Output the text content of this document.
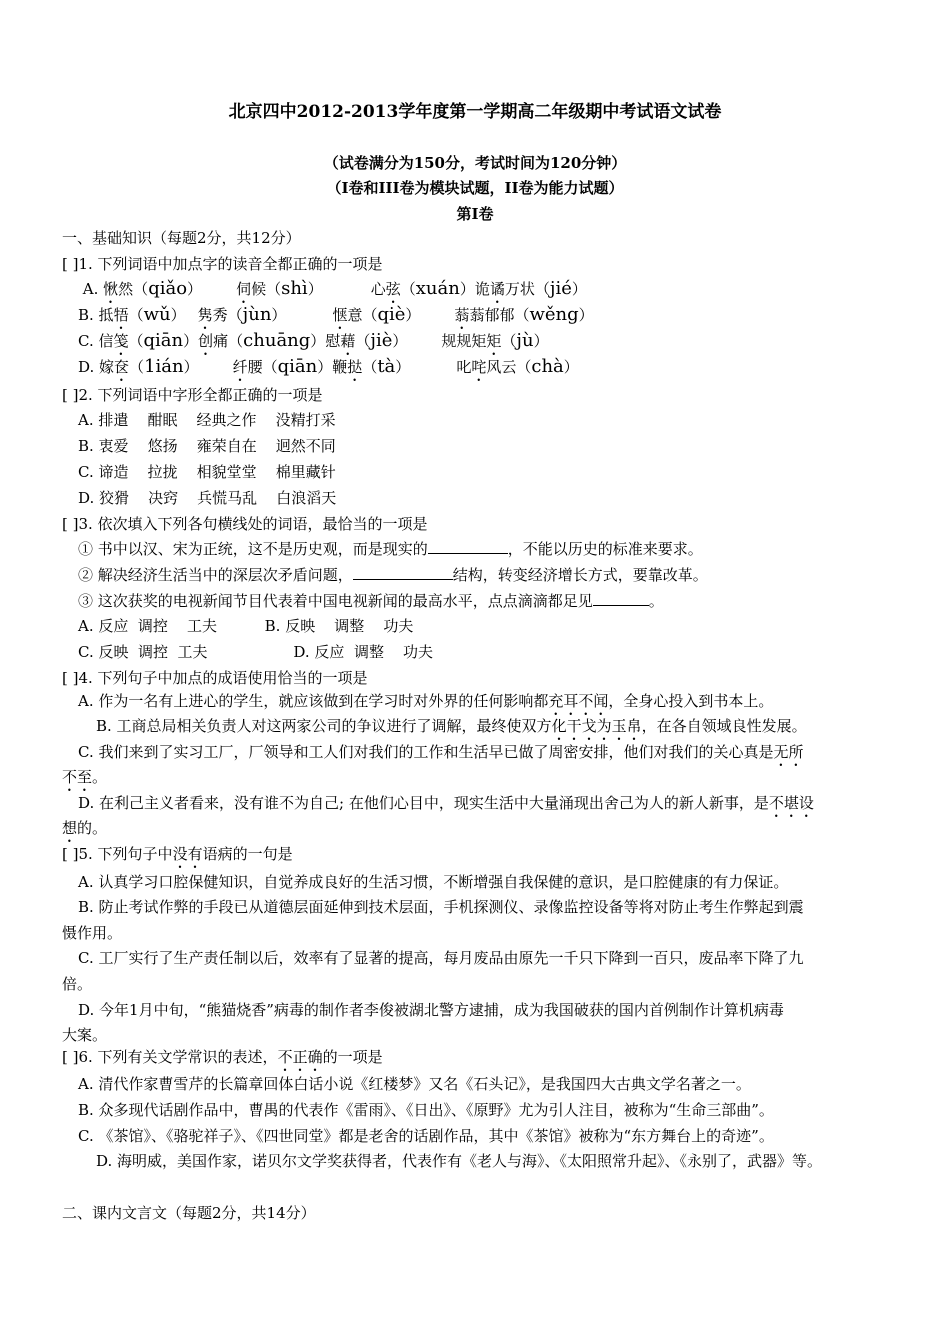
北京四中2012-2013学年度第一学期高二年级期中考试语文试卷
（试卷满分为150分，考试时间为120分钟）
（I卷和III卷为模块试题，II卷为能力试题）
第I卷
一、基础知识（每题2分，共12分）
[ ]1. 下列词语中加点字的读音全都正确的一项是
A. 愀然（qiǎo） 伺候（shì）	心弦（xuán）诡谲万状（jié）
B. 抵牾（wǔ） 隽秀（jùn）	惬意（qiè） 蓊蓊郁郁（wěng）
C. 信笺（qiān）创痛（chuāng）慰藉（jiè） 规规矩矩（jù）
D. 嫁奁（1ián） 纤腰（qiān）鞭挞（tà）	叱咤风云（chà）
[ ]2. 下列词语中字形全都正确的一项是
A. 排遣    酣眠    经典之作    没精打采
B. 衷爱    悠扬    雍荣自在    迥然不同
C. 谛造    拉拢    相貌堂堂    棉里藏针
D. 狡猾    决窍    兵慌马乱    白浪滔天
[ ]3. 依次填入下列各句横线处的词语，最恰当的一项是
① 书中以汉、宋为正统，这不是历史观，而是现实的	，不能以历史的标准来要求。
② 解决经济生活当中的深层次矛盾问题，	结构，转变经济增长方式，要靠改革。
③ 这次获奖的电视新闻节目代表着中国电视新闻的最高水平，点点滴滴都足见	。
A. 反应  调控    工夫          B. 反映    调整    功夫
C. 反映  调控  工夫                  D. 反应  调整    功夫
[ ]4. 下列句子中加点的成语使用恰当的一项是
A. 作为一名有上进心的学生，就应该做到在学习时对外界的任何影响都充耳不闻，全身心投入到书本上。
B. 工商总局相关负责人对这两家公司的争议进行了调解，最终使双方化干戈为玉帛，在各自领域良性发展。
C. 我们来到了实习工厂，厂领导和工人们对我们的工作和生活早已做了周密安排，他们对我们的关心真是无所
不至。
D. 在利己主义者看来，没有谁不为自己; 在他们心目中，现实生活中大量涌现出舍己为人的新人新事，是不堪设
想的。
[ ]5. 下列句子中没有语病的一句是
A. 认真学习口腔保健知识，自觉养成良好的生活习惯，不断增强自我保健的意识，是口腔健康的有力保证。
B. 防止考试作弊的手段已从道德层面延伸到技术层面，手机探测仪、录像监控设备等将对防止考生作弊起到震
慑作用。
C. 工厂实行了生产责任制以后，效率有了显著的提高，每月废品由原先一千只下降到一百只，废品率下降了九
倍。
D. 今年1月中旬，“熊猫烧香”病毒的制作者李俊被湖北警方逮捕，成为我国破获的国内首例制作计算机病毒
大案。
[ ]6. 下列有关文学常识的表述，不正确的一项是
A. 清代作家曹雪芹的长篇章回体白话小说《红楼梦》又名《石头记》，是我国四大古典文学名著之一。
B. 众多现代话剧作品中，曹禺的代表作《雷雨》、《日出》、《原野》尤为引人注目，被称为“生命三部曲”。
C. 《茶馆》、《骆驼祥子》、《四世同堂》都是老舍的话剧作品，其中《茶馆》被称为“东方舞台上的奇迹”。
D. 海明威，美国作家，诺贝尔文学奖获得者，代表作有《老人与海》、《太阳照常升起》、《永别了，武器》等。
二、课内文言文（每题2分，共14分）
